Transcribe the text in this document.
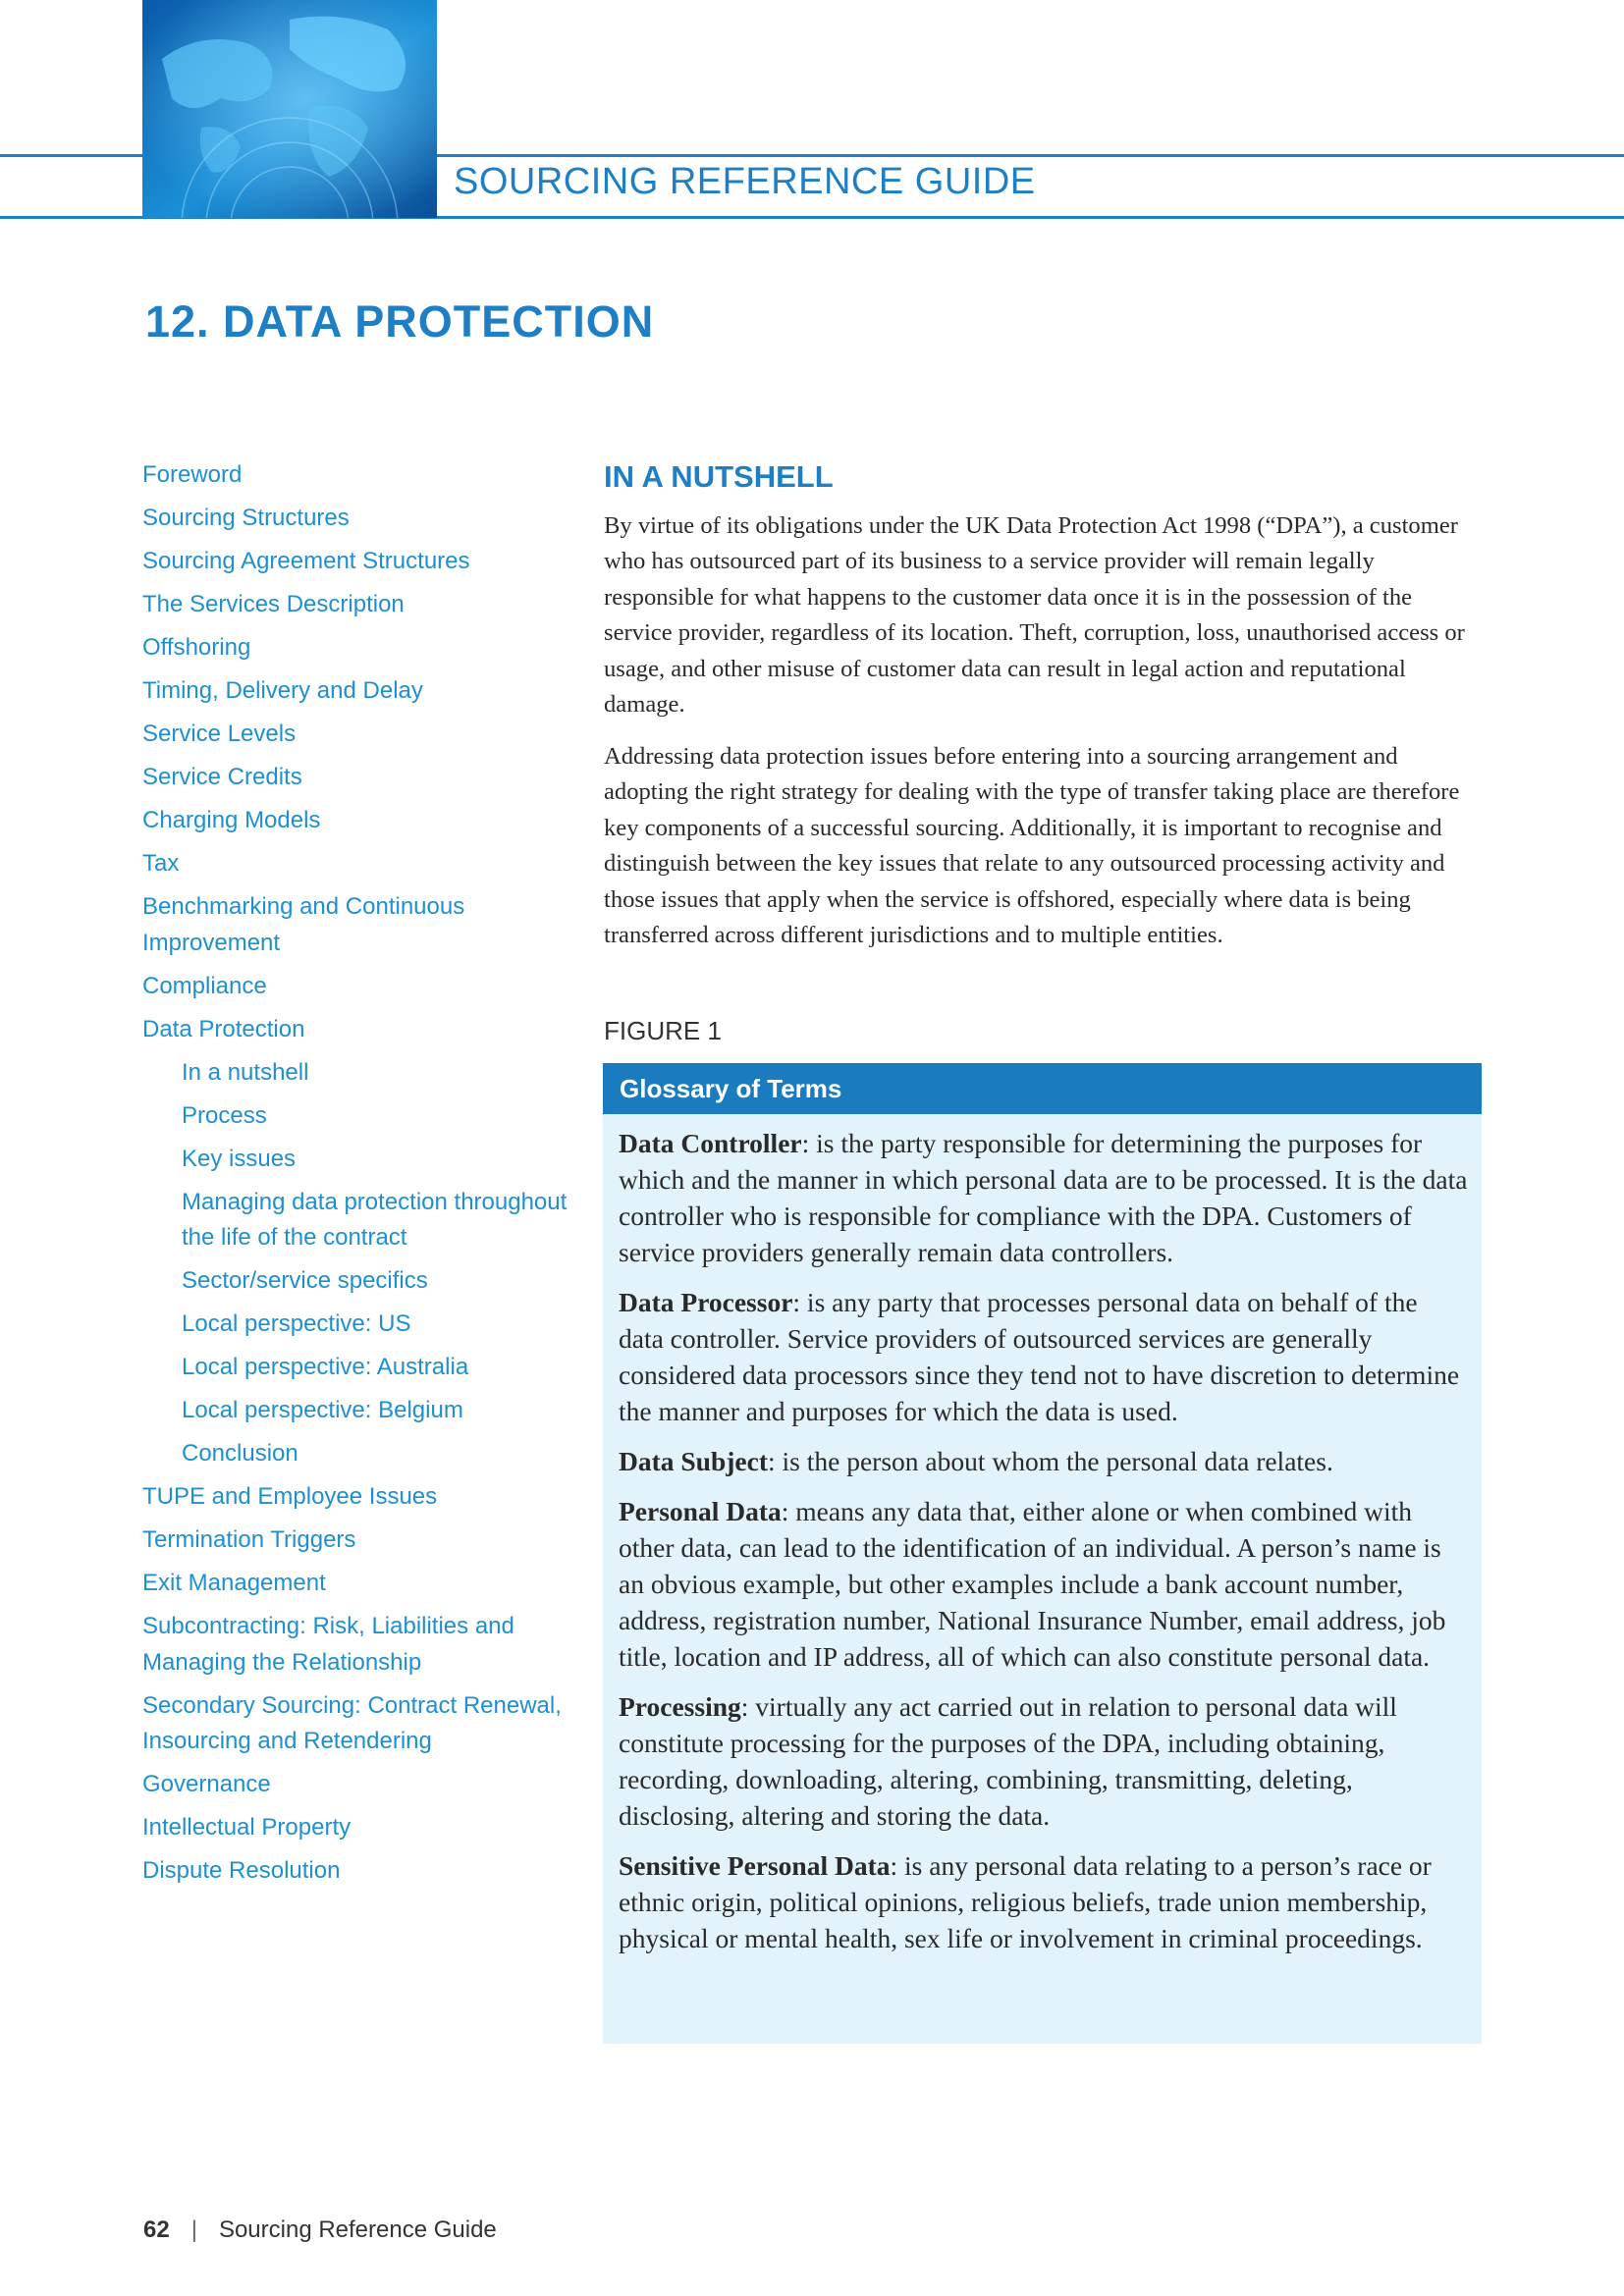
SOURCING REFERENCE GUIDE
12. DATA PROTECTION
Foreword
Sourcing Structures
Sourcing Agreement Structures
The Services Description
Offshoring
Timing, Delivery and Delay
Service Levels
Service Credits
Charging Models
Tax
Benchmarking and Continuous Improvement
Compliance
Data Protection
In a nutshell
Process
Key issues
Managing data protection throughout the life of the contract
Sector/service specifics
Local perspective: US
Local perspective: Australia
Local perspective: Belgium
Conclusion
TUPE and Employee Issues
Termination Triggers
Exit Management
Subcontracting: Risk, Liabilities and Managing the Relationship
Secondary Sourcing: Contract Renewal, Insourcing and Retendering
Governance
Intellectual Property
Dispute Resolution
IN A NUTSHELL

By virtue of its obligations under the UK Data Protection Act 1998 (“DPA”), a customer who has outsourced part of its business to a service provider will remain legally responsible for what happens to the customer data once it is in the possession of the service provider, regardless of its location. Theft, corruption, loss, unauthorised access or usage, and other misuse of customer data can result in legal action and reputational damage.

Addressing data protection issues before entering into a sourcing arrangement and adopting the right strategy for dealing with the type of transfer taking place are therefore key components of a successful sourcing. Additionally, it is important to recognise and distinguish between the key issues that relate to any outsourced processing activity and those issues that apply when the service is offshored, especially where data is being transferred across different jurisdictions and to multiple entities.

FIGURE 1
Glossary of Terms

Data Controller: is the party responsible for determining the purposes for which and the manner in which personal data are to be processed. It is the data controller who is responsible for compliance with the DPA. Customers of service providers generally remain data controllers.

Data Processor: is any party that processes personal data on behalf of the data controller. Service providers of outsourced services are generally considered data processors since they tend not to have discretion to determine the manner and purposes for which the data is used.

Data Subject: is the person about whom the personal data relates.

Personal Data: means any data that, either alone or when combined with other data, can lead to the identification of an individual. A person’s name is an obvious example, but other examples include a bank account number, address, registration number, National Insurance Number, email address, job title, location and IP address, all of which can also constitute personal data.

Processing: virtually any act carried out in relation to personal data will constitute processing for the purposes of the DPA, including obtaining, recording, downloading, altering, combining, transmitting, deleting, disclosing, altering and storing the data.

Sensitive Personal Data: is any personal data relating to a person’s race or ethnic origin, political opinions, religious beliefs, trade union membership, physical or mental health, sex life or involvement in criminal proceedings.

62 | Sourcing Reference Guide
